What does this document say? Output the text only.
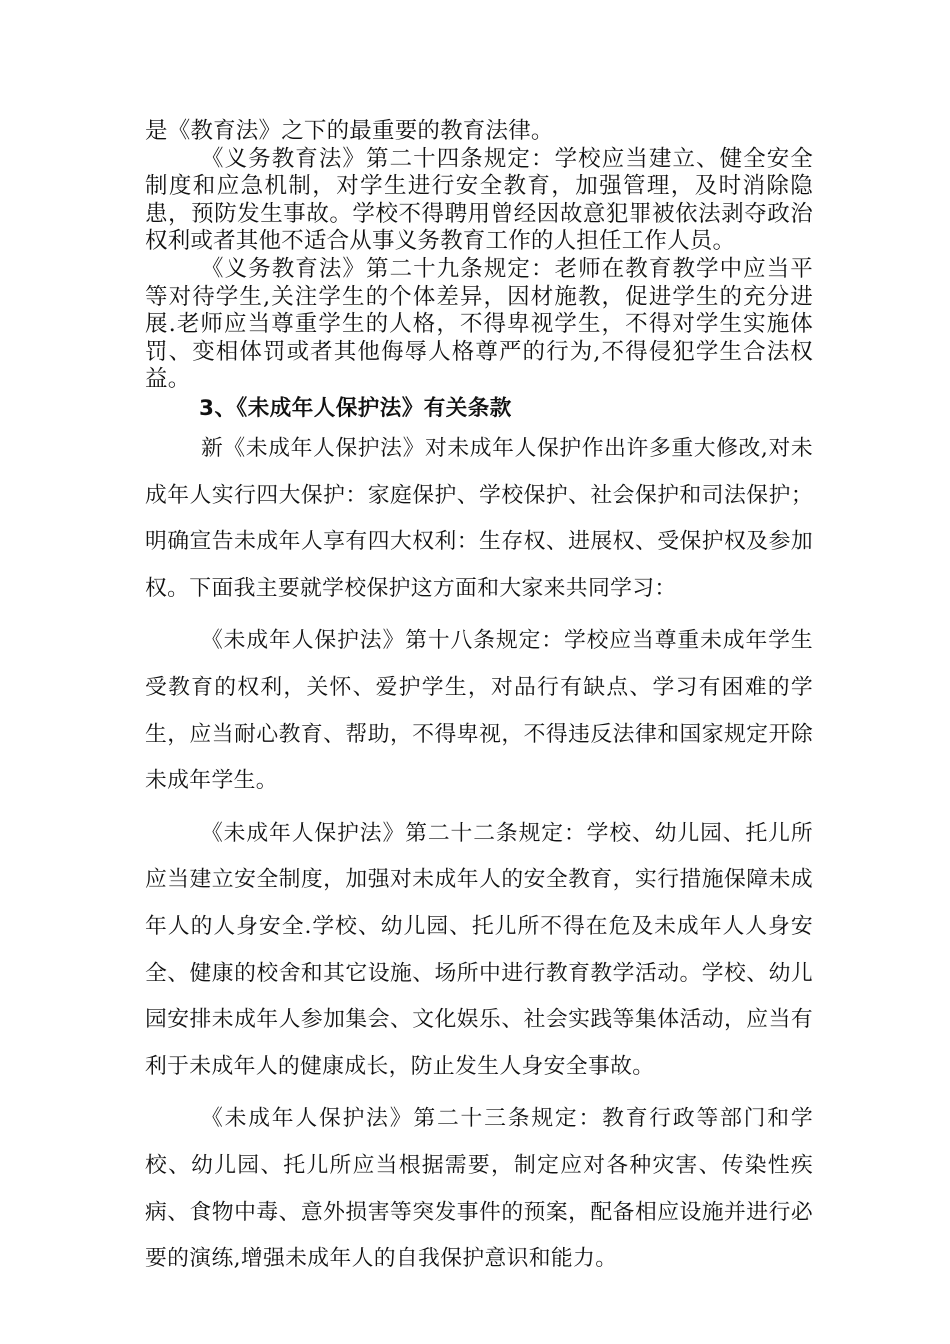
是《教育法》之下的最重要的教育法律。

《义务教育法》第二十四条规定：学校应当建立、健全安全制度和应急机制，对学生进行安全教育，加强管理，及时消除隐患，预防发生事故。学校不得聘用曾经因故意犯罪被依法剥夺政治权利或者其他不适合从事义务教育工作的人担任工作人员。

《义务教育法》第二十九条规定：老师在教育教学中应当平等对待学生,关注学生的个体差异，因材施教，促进学生的充分进展.老师应当尊重学生的人格，不得卑视学生，不得对学生实施体罚、变相体罚或者其他侮辱人格尊严的行为,不得侵犯学生合法权益。

3、《未成年人保护法》有关条款

新《未成年人保护法》对未成年人保护作出许多重大修改,对未成年人实行四大保护：家庭保护、学校保护、社会保护和司法保护；明确宣告未成年人享有四大权利：生存权、进展权、受保护权及参加权。下面我主要就学校保护这方面和大家来共同学习：

《未成年人保护法》第十八条规定：学校应当尊重未成年学生受教育的权利，关怀、爱护学生，对品行有缺点、学习有困难的学生，应当耐心教育、帮助，不得卑视，不得违反法律和国家规定开除未成年学生。

《未成年人保护法》第二十二条规定：学校、幼儿园、托儿所应当建立安全制度，加强对未成年人的安全教育，实行措施保障未成年人的人身安全.学校、幼儿园、托儿所不得在危及未成年人人身安全、健康的校舍和其它设施、场所中进行教育教学活动。学校、幼儿园安排未成年人参加集会、文化娱乐、社会实践等集体活动，应当有利于未成年人的健康成长，防止发生人身安全事故。

《未成年人保护法》第二十三条规定：教育行政等部门和学校、幼儿园、托儿所应当根据需要，制定应对各种灾害、传染性疾病、食物中毒、意外损害等突发事件的预案，配备相应设施并进行必要的演练,增强未成年人的自我保护意识和能力。
